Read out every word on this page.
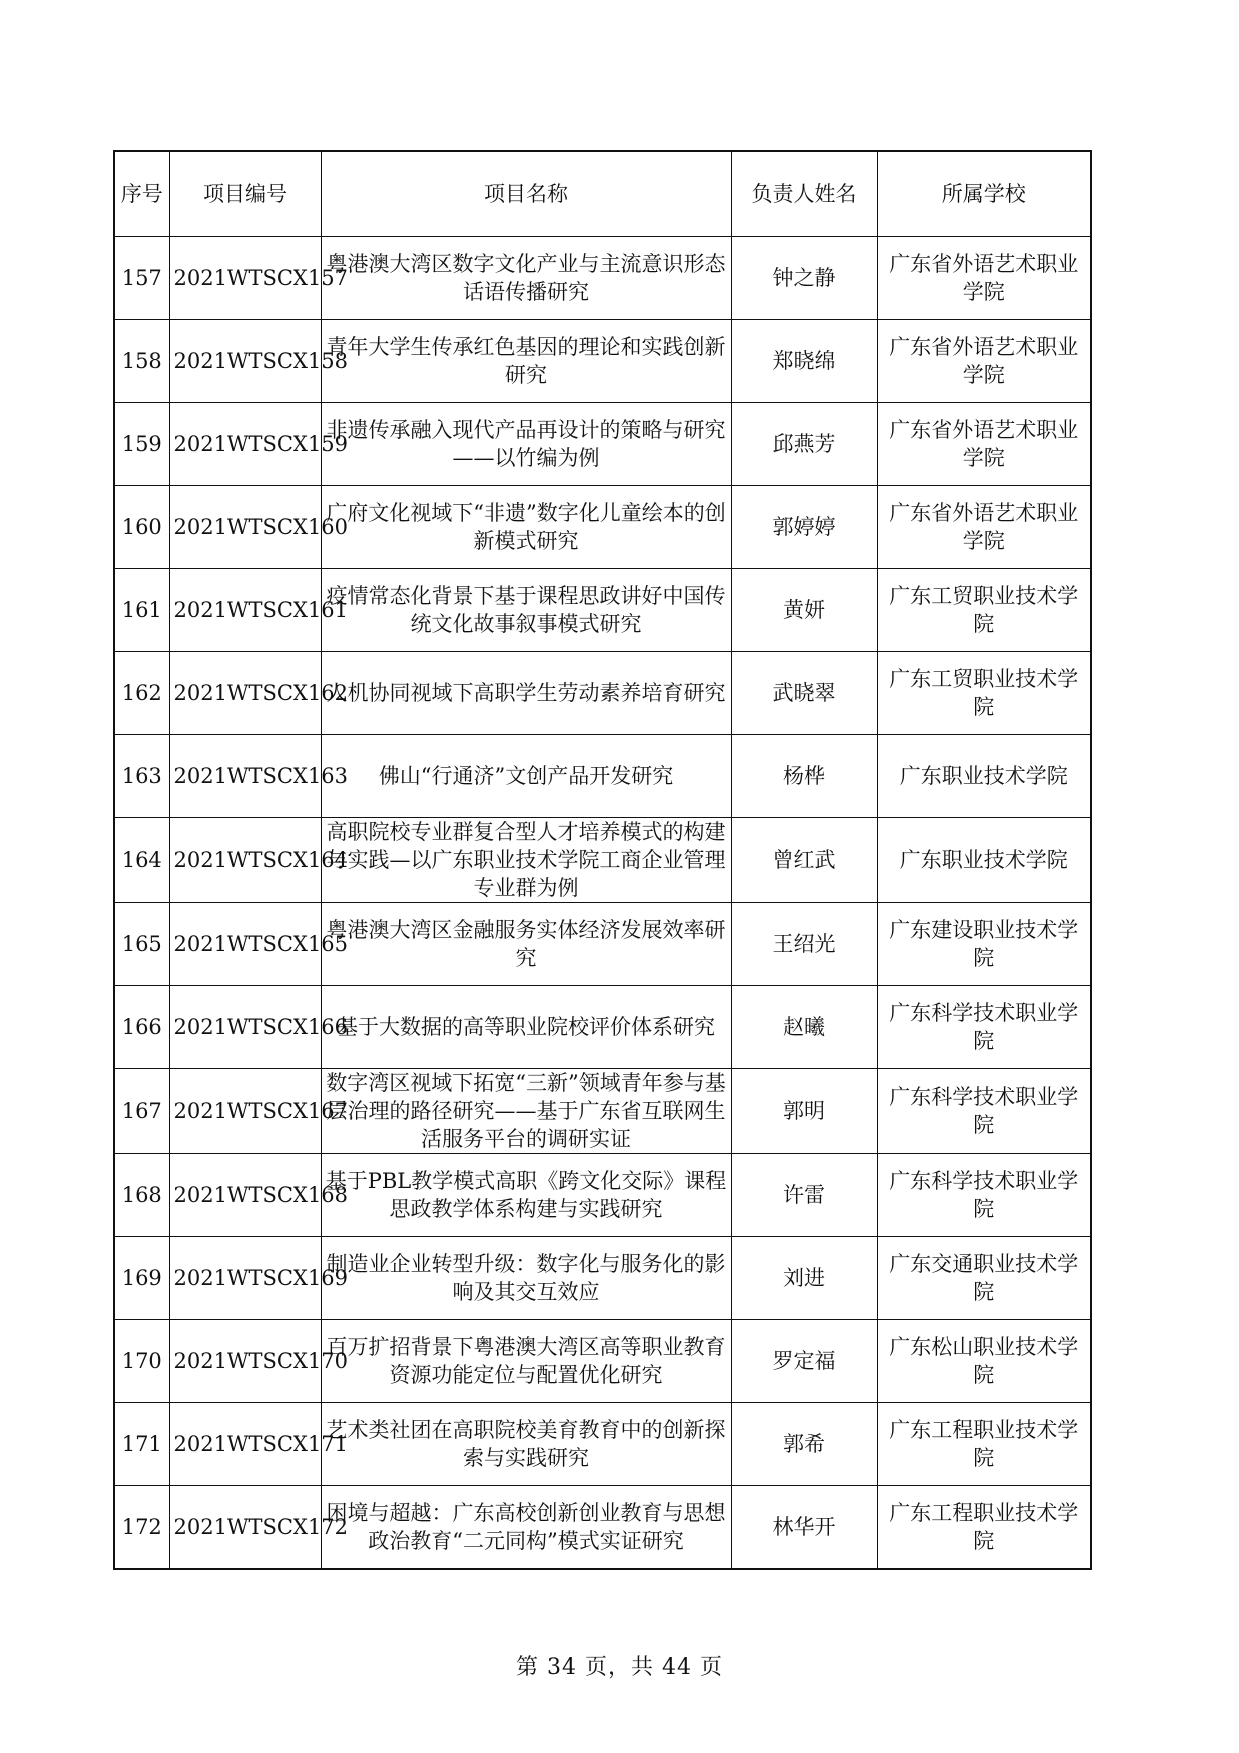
序号	项目编号	项目名称	负责人姓名	所属学校
157	2021WTSCX157	粤港澳大湾区数字文化产业与主流意识形态话语传播研究	钟之静	广东省外语艺术职业学院
158	2021WTSCX158	青年大学生传承红色基因的理论和实践创新研究	郑晓绵	广东省外语艺术职业学院
159	2021WTSCX159	非遗传承融入现代产品再设计的策略与研究——以竹编为例	邱燕芳	广东省外语艺术职业学院
160	2021WTSCX160	广府文化视域下“非遗”数字化儿童绘本的创新模式研究	郭婷婷	广东省外语艺术职业学院
161	2021WTSCX161	疫情常态化背景下基于课程思政讲好中国传统文化故事叙事模式研究	黄妍	广东工贸职业技术学院
162	2021WTSCX162	人机协同视域下高职学生劳动素养培育研究	武晓翠	广东工贸职业技术学院
163	2021WTSCX163	佛山“行通济”文创产品开发研究	杨桦	广东职业技术学院
164	2021WTSCX164	高职院校专业群复合型人才培养模式的构建与实践—以广东职业技术学院工商企业管理专业群为例	曾红武	广东职业技术学院
165	2021WTSCX165	粤港澳大湾区金融服务实体经济发展效率研究	王绍光	广东建设职业技术学院
166	2021WTSCX166	基于大数据的高等职业院校评价体系研究	赵曦	广东科学技术职业学院
167	2021WTSCX167	数字湾区视域下拓宽“三新”领域青年参与基层治理的路径研究——基于广东省互联网生活服务平台的调研实证	郭明	广东科学技术职业学院
168	2021WTSCX168	基于PBL教学模式高职《跨文化交际》课程思政教学体系构建与实践研究	许雷	广东科学技术职业学院
169	2021WTSCX169	制造业企业转型升级：数字化与服务化的影响及其交互效应	刘进	广东交通职业技术学院
170	2021WTSCX170	百万扩招背景下粤港澳大湾区高等职业教育资源功能定位与配置优化研究	罗定福	广东松山职业技术学院
171	2021WTSCX171	艺术类社团在高职院校美育教育中的创新探索与实践研究	郭希	广东工程职业技术学院
172	2021WTSCX172	困境与超越：广东高校创新创业教育与思想政治教育“二元同构”模式实证研究	林华开	广东工程职业技术学院
第 34 页，共 44 页
